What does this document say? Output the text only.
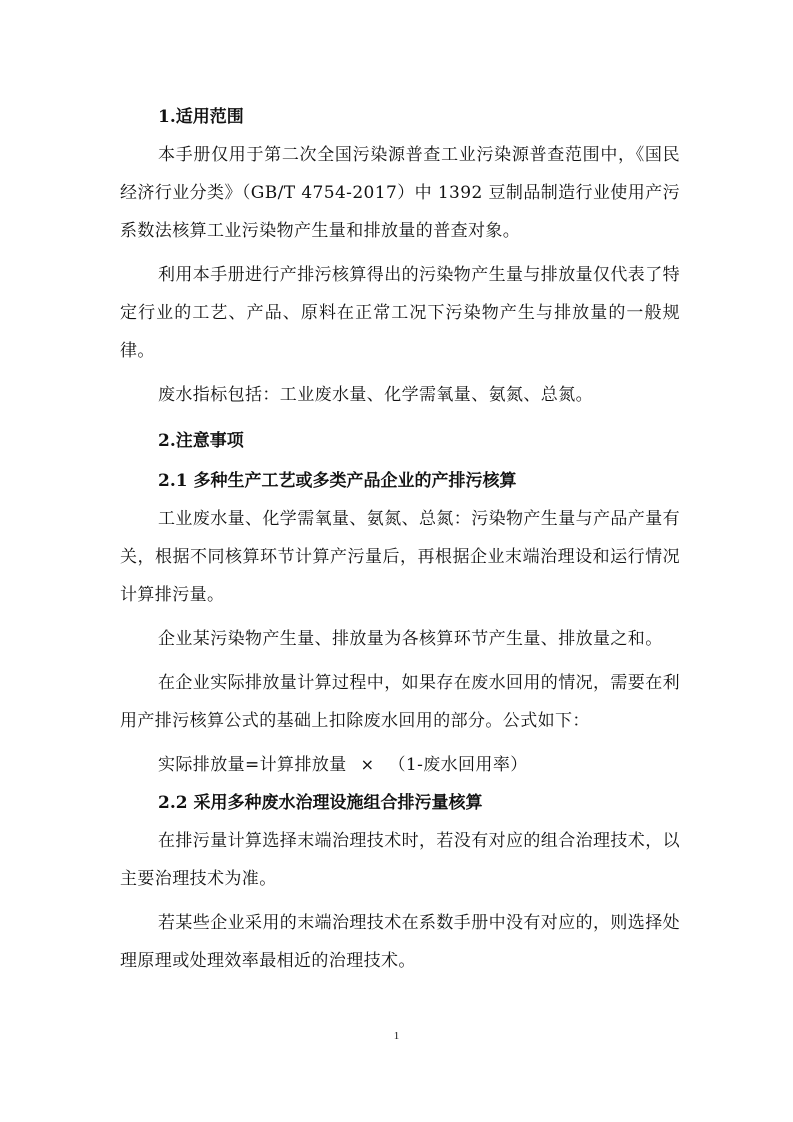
1.适用范围

本手册仅用于第二次全国污染源普查工业污染源普查范围中，《国民经济行业分类》（GB/T 4754-2017）中 1392 豆制品制造行业使用产污系数法核算工业污染物产生量和排放量的普查对象。

利用本手册进行产排污核算得出的污染物产生量与排放量仅代表了特定行业的工艺、产品、原料在正常工况下污染物产生与排放量的一般规律。

废水指标包括：工业废水量、化学需氧量、氨氮、总氮。

2.注意事项
2.1 多种生产工艺或多类产品企业的产排污核算

工业废水量、化学需氧量、氨氮、总氮：污染物产生量与产品产量有关，根据不同核算环节计算产污量后，再根据企业末端治理设和运行情况计算排污量。

企业某污染物产生量、排放量为各核算环节产生量、排放量之和。

在企业实际排放量计算过程中，如果存在废水回用的情况，需要在利用产排污核算公式的基础上扣除废水回用的部分。公式如下：

实际排放量=计算排放量 × （1-废水回用率）

2.2 采用多种废水治理设施组合排污量核算

在排污量计算选择末端治理技术时，若没有对应的组合治理技术，以主要治理技术为准。

若某些企业采用的末端治理技术在系数手册中没有对应的，则选择处理原理或处理效率最相近的治理技术。

1
